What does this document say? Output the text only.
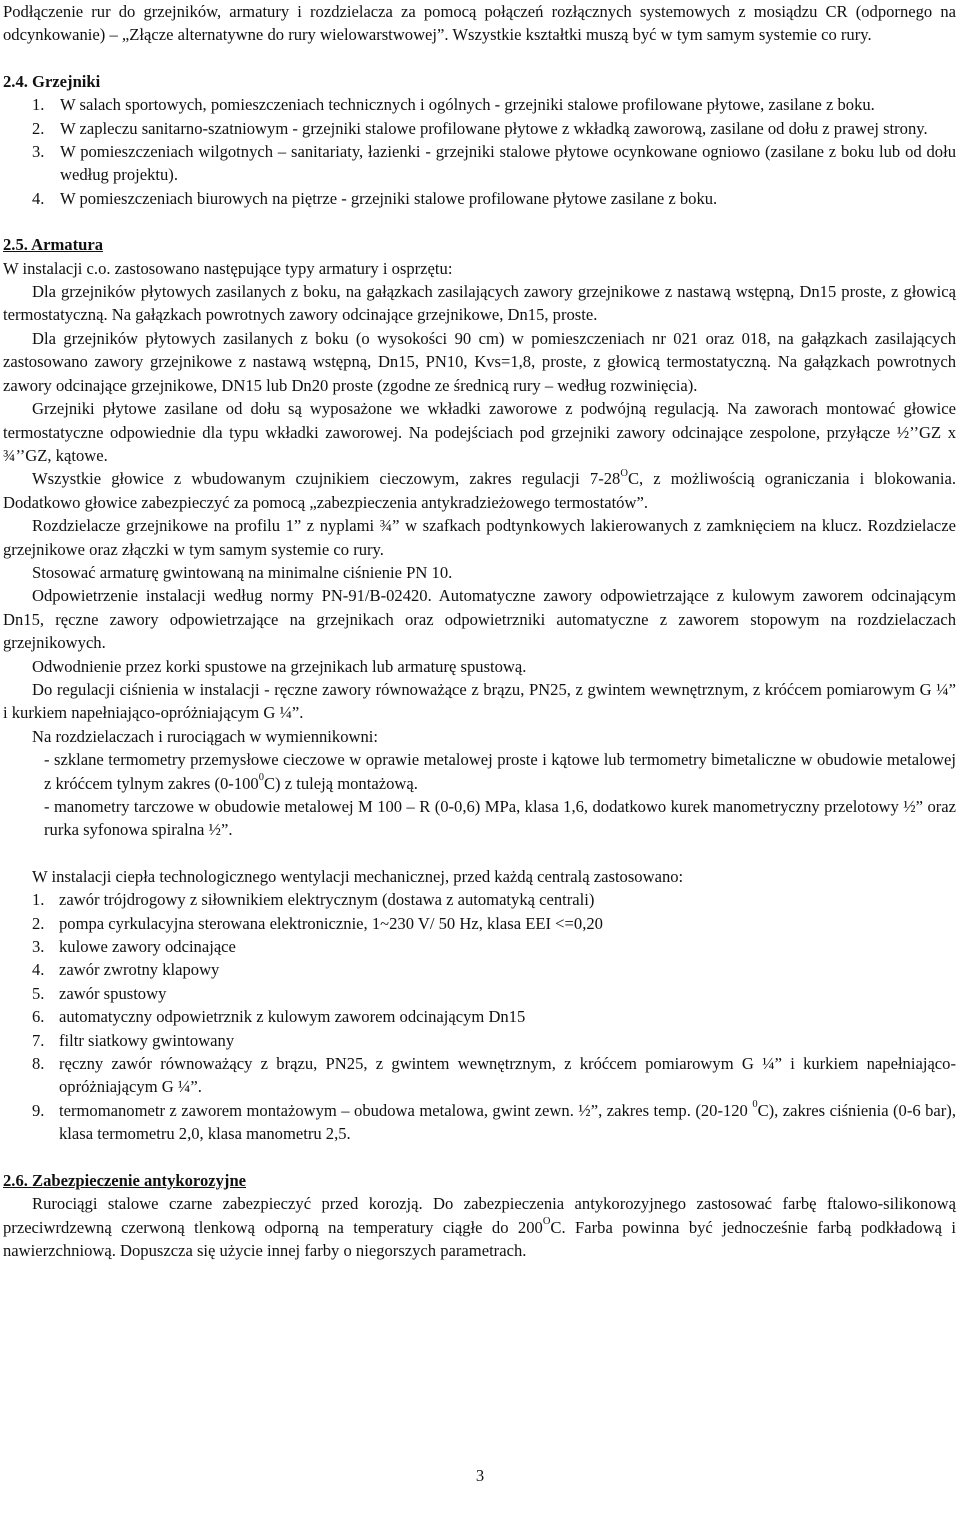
Podłączenie rur do grzejników, armatury i rozdzielacza za pomocą połączeń rozłącznych systemowych z mosiądzu CR (odpornego na odcynkowanie) – „Złącze alternatywne do rury wielowarstwowej”. Wszystkie kształtki muszą być w tym samym systemie co rury.

2.4. Grzejniki
1. W salach sportowych, pomieszczeniach technicznych i ogólnych - grzejniki stalowe profilowane płytowe, zasilane z boku.
2. W zapleczu sanitarno-szatniowym - grzejniki stalowe profilowane płytowe z wkładką zaworową, zasilane od dołu z prawej strony.
3. W pomieszczeniach wilgotnych – sanitariaty, łazienki - grzejniki stalowe płytowe ocynkowane ogniowo (zasilane z boku lub od dołu według projektu).
4. W pomieszczeniach biurowych na piętrze - grzejniki stalowe profilowane płytowe zasilane z boku.
2.5. Armatura

W instalacji c.o. zastosowano następujące typy armatury i osprzętu:

Dla grzejników płytowych zasilanych z boku, na gałązkach zasilających zawory grzejnikowe z nastawą wstępną, Dn15 proste, z głowicą termostatyczną. Na gałązkach powrotnych zawory odcinające grzejnikowe, Dn15, proste.

Dla grzejników płytowych zasilanych z boku (o wysokości 90 cm) w pomieszczeniach nr 021 oraz 018, na gałązkach zasilających zastosowano zawory grzejnikowe z nastawą wstępną, Dn15, PN10, Kvs=1,8, proste, z głowicą termostatyczną. Na gałązkach powrotnych zawory odcinające grzejnikowe, DN15 lub Dn20 proste (zgodne ze średnicą rury – według rozwinięcia).

Grzejniki płytowe zasilane od dołu są wyposażone we wkładki zaworowe z podwójną regulacją. Na zaworach montować głowice termostatyczne odpowiednie dla typu wkładki zaworowej. Na podejściach pod grzejniki zawory odcinające zespolone, przyłącze ½’’GZ x ¾’’GZ, kątowe.

Wszystkie głowice z wbudowanym czujnikiem cieczowym, zakres regulacji $7-28^OC$, z możliwością ograniczania i blokowania. Dodatkowo głowice zabezpieczyć za pomocą „zabezpieczenia antykradzieżowego termostatów”.

Rozdzielacze grzejnikowe na profilu 1” z nyplami ¾” w szafkach podtynkowych lakierowanych z zamknięciem na klucz. Rozdzielacze grzejnikowe oraz złączki w tym samym systemie co rury.

Stosować armaturę gwintowaną na minimalne ciśnienie PN 10.

Odpowietrzenie instalacji według normy PN-91/B-02420. Automatyczne zawory odpowietrzające z kulowym zaworem odcinającym Dn15, ręczne zawory odpowietrzające na grzejnikach oraz odpowietrzniki automatyczne z zaworem stopowym na rozdzielaczach grzejnikowych.

Odwodnienie przez korki spustowe na grzejnikach lub armaturę spustową.

Do regulacji ciśnienia w instalacji - ręczne zawory równoważące z brązu, PN25, z gwintem wewnętrznym, z króćcem pomiarowym G ¼” i kurkiem napełniająco-opróżniającym G ¼”.

Na rozdzielaczach i rurociągach w wymiennikowni:

- szklane termometry przemysłowe cieczowe w oprawie metalowej proste i kątowe lub termometry bimetaliczne w obudowie metalowej z króćcem tylnym zakres $(0-100^0C)$ z tuleją montażową.
- manometry tarczowe w obudowie metalowej M 100 – R (0-0,6) MPa, klasa 1,6, dodatkowo kurek manometryczny przelotowy ½” oraz rurka syfonowa spiralna ½”.

W instalacji ciepła technologicznego wentylacji mechanicznej, przed każdą centralą zastosowano:

1. zawór trójdrogowy z siłownikiem elektrycznym (dostawa z automatyką centrali)
2. pompa cyrkulacyjna sterowana elektronicznie, 1~230 V/ 50 Hz, klasa EEI <=0,20
3. kulowe zawory odcinające
4. zawór zwrotny klapowy
5. zawór spustowy
6. automatyczny odpowietrznik z kulowym zaworem odcinającym Dn15
7. filtr siatkowy gwintowany
8. ręczny zawór równoważący z brązu, PN25, z gwintem wewnętrznym, z króćcem pomiarowym G ¼” i kurkiem napełniająco-opróżniającym G ¼”.
9. termomanometr z zaworem montażowym – obudowa metalowa, gwint zewn. ½”, zakres temp. (20-120 $^0$C), zakres ciśnienia (0-6 bar), klasa termometru 2,0, klasa manometru 2,5.
2.6. Zabezpieczenie antykorozyjne

Rurociągi stalowe czarne zabezpieczyć przed korozją. Do zabezpieczenia antykorozyjnego zastosować farbę ftalowo-silikonową przeciwrdzewną czerwoną tlenkową odporną na temperatury ciągłe do $200^OC$. Farba powinna być jednocześnie farbą podkładową i nawierzchniową. Dopuszcza się użycie innej farby o niegorszych parametrach.

3
